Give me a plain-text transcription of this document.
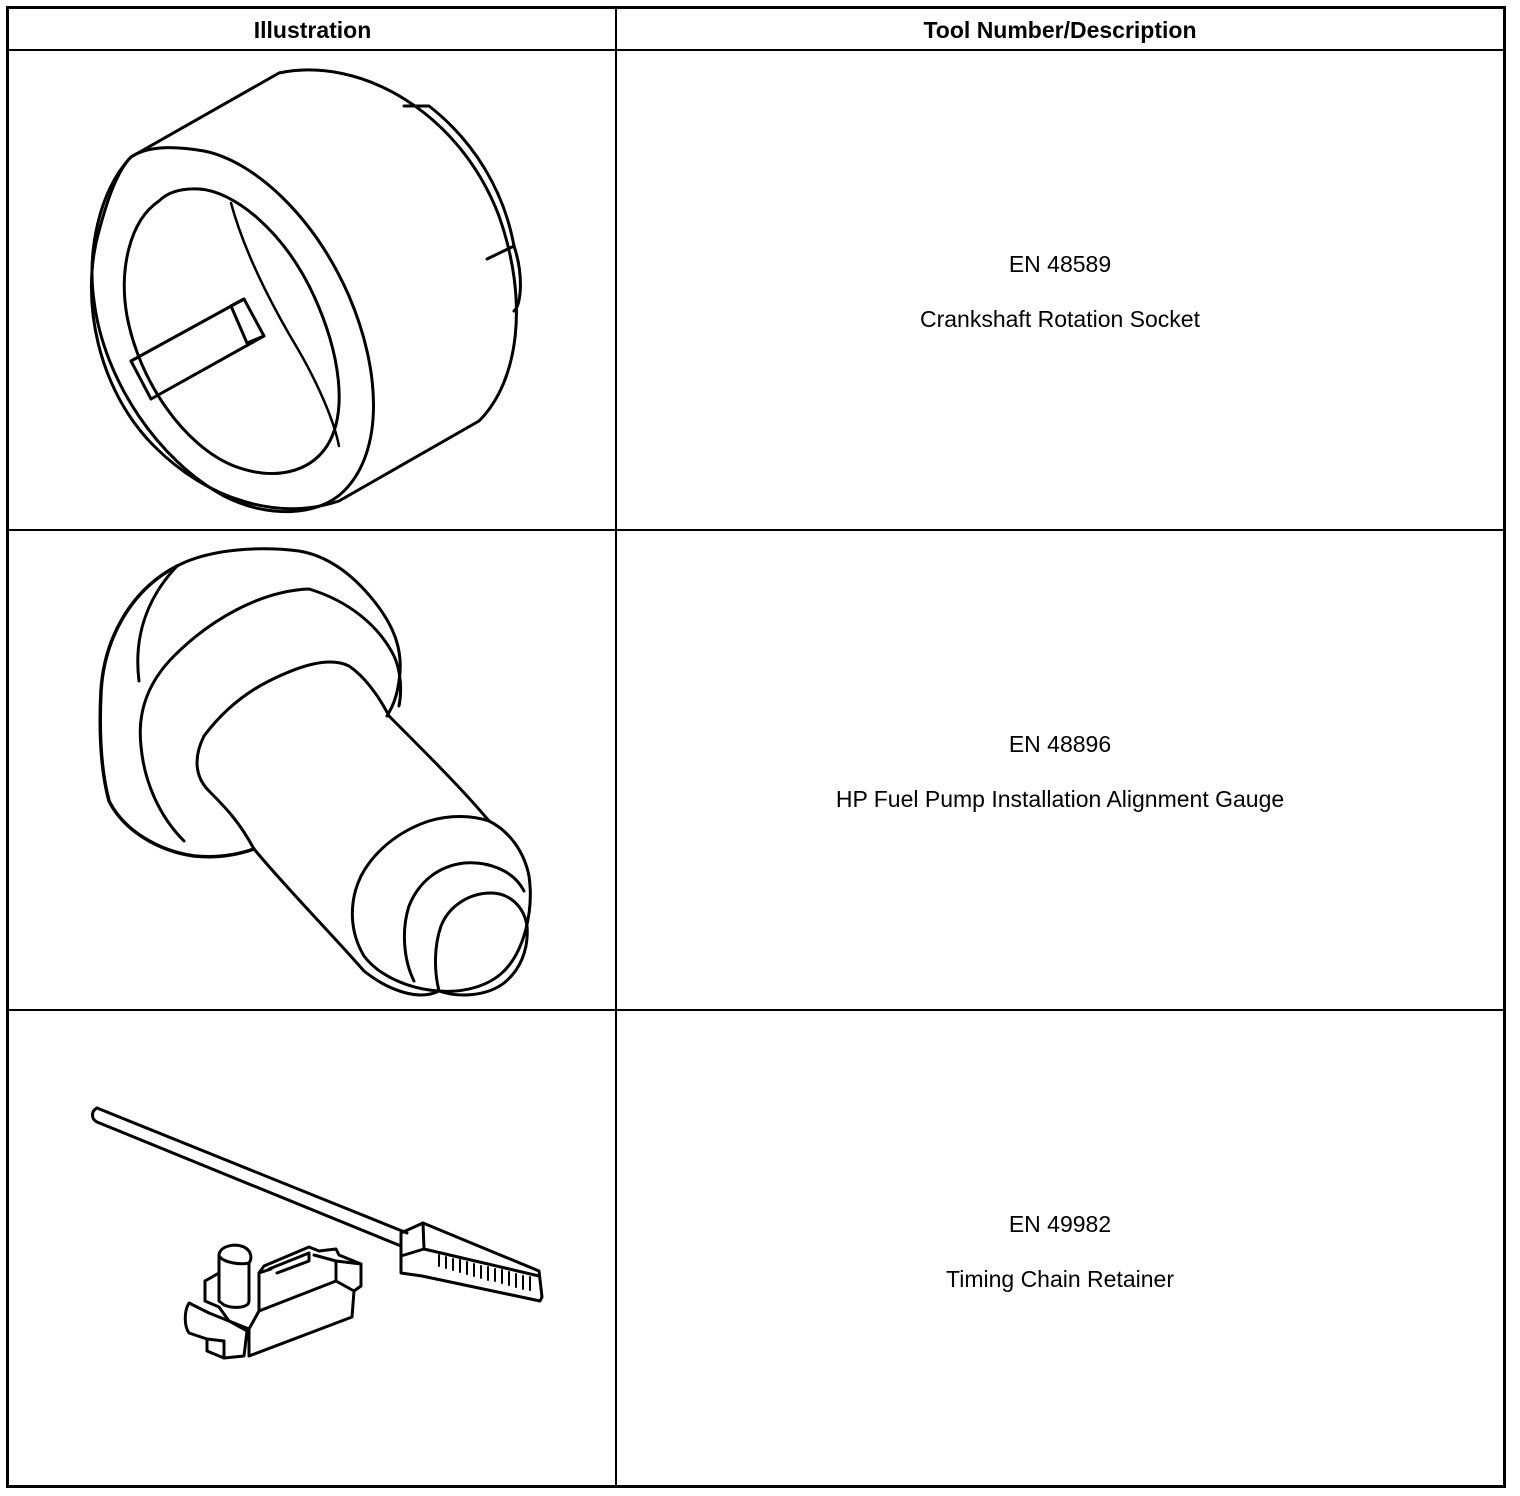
Illustration	Tool Number/Description
EN 48589
Crankshaft Rotation Socket
EN 48896
HP Fuel Pump Installation Alignment Gauge
EN 49982
Timing Chain Retainer
